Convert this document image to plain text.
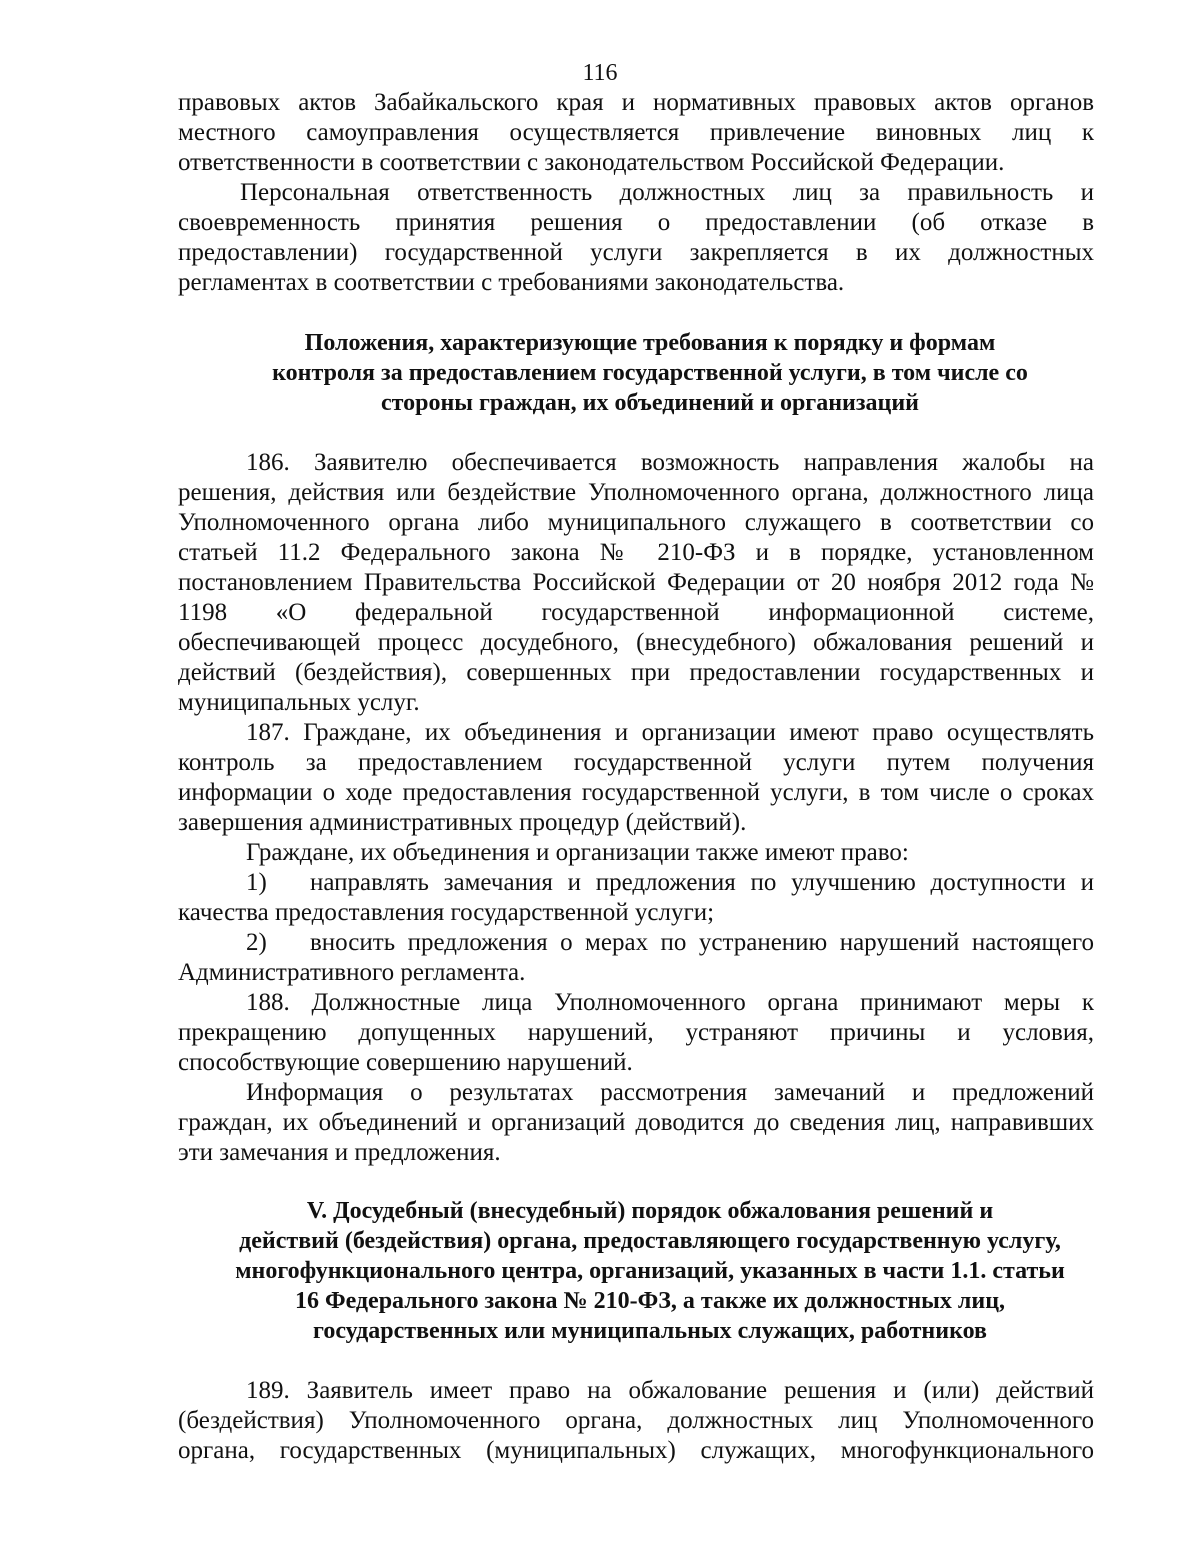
116
правовых актов Забайкальского края и нормативных правовых актов органов
местного самоуправления осуществляется привлечение виновных лиц к
ответственности в соответствии с законодательством Российской Федерации.
Персональная ответственность должностных лиц за правильность и
своевременность принятия решения о предоставлении (об отказе в
предоставлении) государственной услуги закрепляется в их должностных
регламентах в соответствии с требованиями законодательства.
Положения, характеризующие требования к порядку и формам
контроля за предоставлением государственной услуги, в том числе со
стороны граждан, их объединений и организаций
186. Заявителю обеспечивается возможность направления жалобы на
решения, действия или бездействие Уполномоченного органа, должностного лица
Уполномоченного органа либо муниципального служащего в соответствии со
статьей 11.2 Федерального закона № 210-ФЗ и в порядке, установленном
постановлением Правительства Российской Федерации от 20 ноября 2012 года №
1198 «О федеральной государственной информационной системе,
обеспечивающей процесс досудебного, (внесудебного) обжалования решений и
действий (бездействия), совершенных при предоставлении государственных и
муниципальных услуг.
187. Граждане, их объединения и организации имеют право осуществлять
контроль за предоставлением государственной услуги путем получения
информации о ходе предоставления государственной услуги, в том числе о сроках
завершения административных процедур (действий).
Граждане, их объединения и организации также имеют право:
1) направлять замечания и предложения по улучшению доступности и
качества предоставления государственной услуги;
2) вносить предложения о мерах по устранению нарушений настоящего
Административного регламента.
188. Должностные лица Уполномоченного органа принимают меры к
прекращению допущенных нарушений, устраняют причины и условия,
способствующие совершению нарушений.
Информация о результатах рассмотрения замечаний и предложений
граждан, их объединений и организаций доводится до сведения лиц, направивших
эти замечания и предложения.
V. Досудебный (внесудебный) порядок обжалования решений и
действий (бездействия) органа, предоставляющего государственную услугу,
многофункционального центра, организаций, указанных в части 1.1. статьи
16 Федерального закона № 210-ФЗ, а также их должностных лиц,
государственных или муниципальных служащих, работников
189. Заявитель имеет право на обжалование решения и (или) действий
(бездействия) Уполномоченного органа, должностных лиц Уполномоченного
органа, государственных (муниципальных) служащих, многофункционального
